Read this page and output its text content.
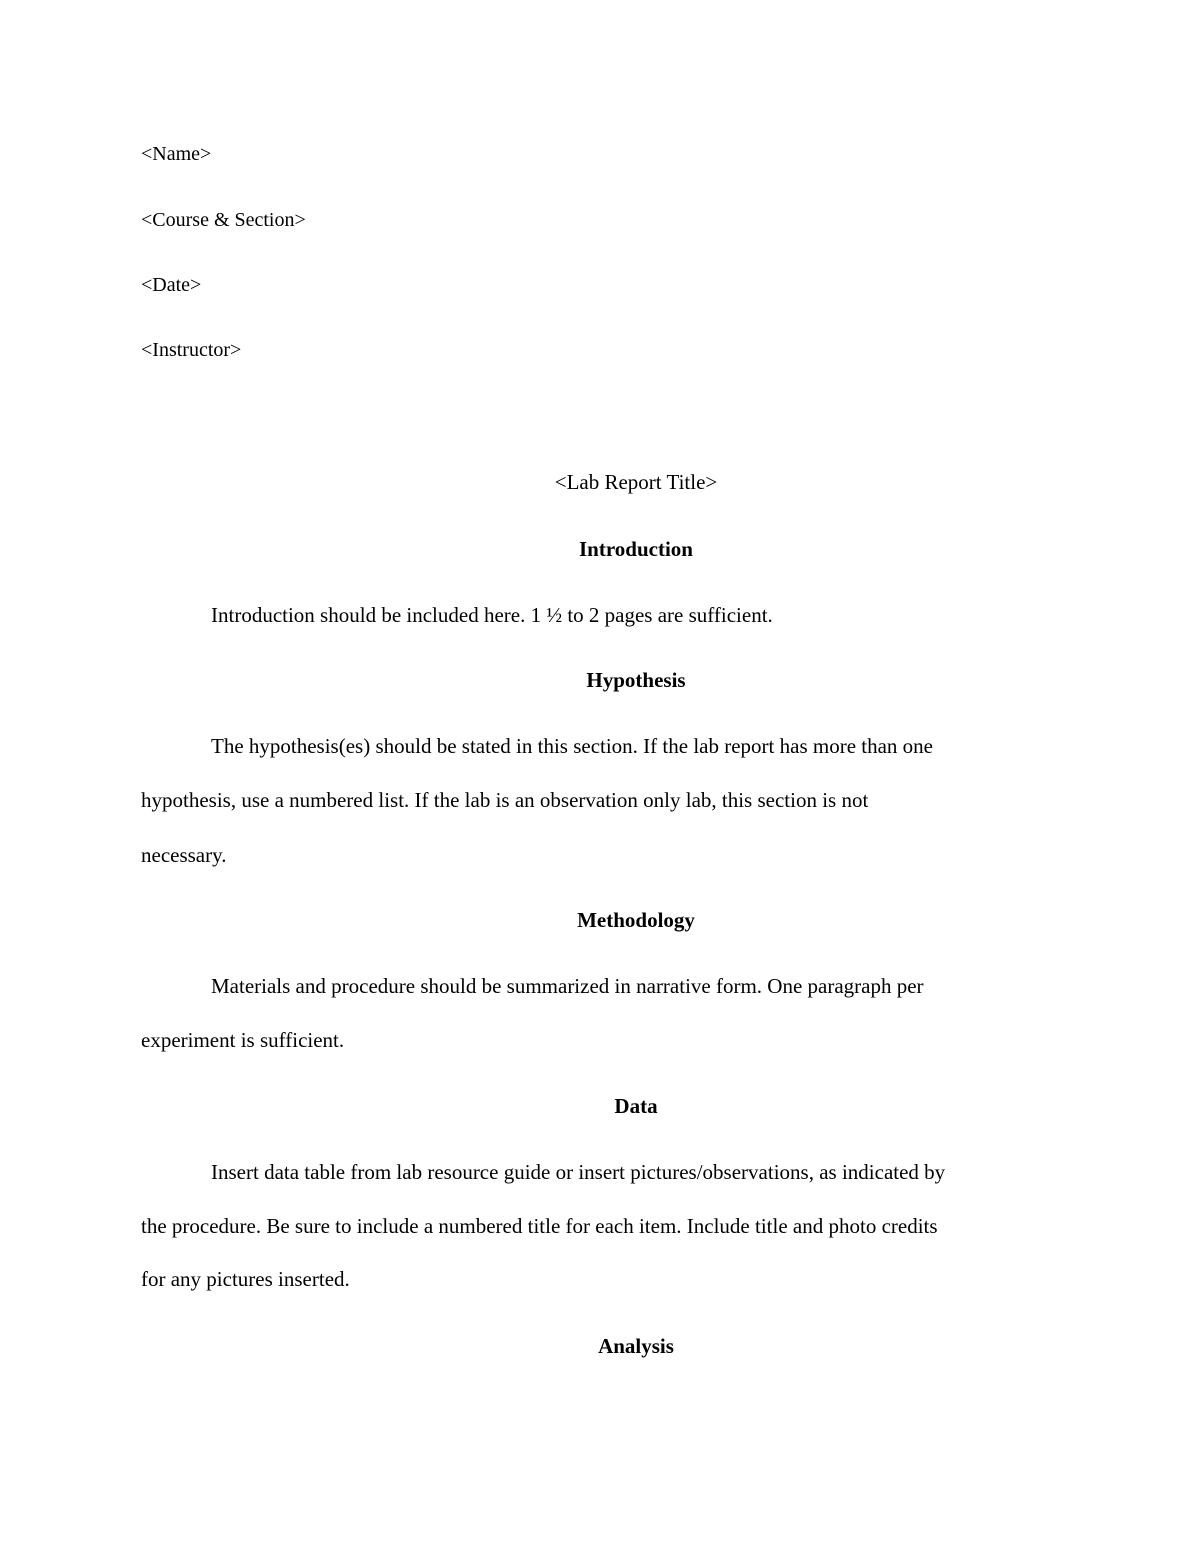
<Name>
<Course & Section>
<Date>
<Instructor>
<Lab Report Title>
Introduction
Introduction should be included here. 1 ½ to 2 pages are sufficient.
Hypothesis
The hypothesis(es) should be stated in this section. If the lab report has more than one
hypothesis, use a numbered list. If the lab is an observation only lab, this section is not
necessary.
Methodology
Materials and procedure should be summarized in narrative form. One paragraph per
experiment is sufficient.
Data
Insert data table from lab resource guide or insert pictures/observations, as indicated by
the procedure. Be sure to include a numbered title for each item. Include title and photo credits
for any pictures inserted.
Analysis
